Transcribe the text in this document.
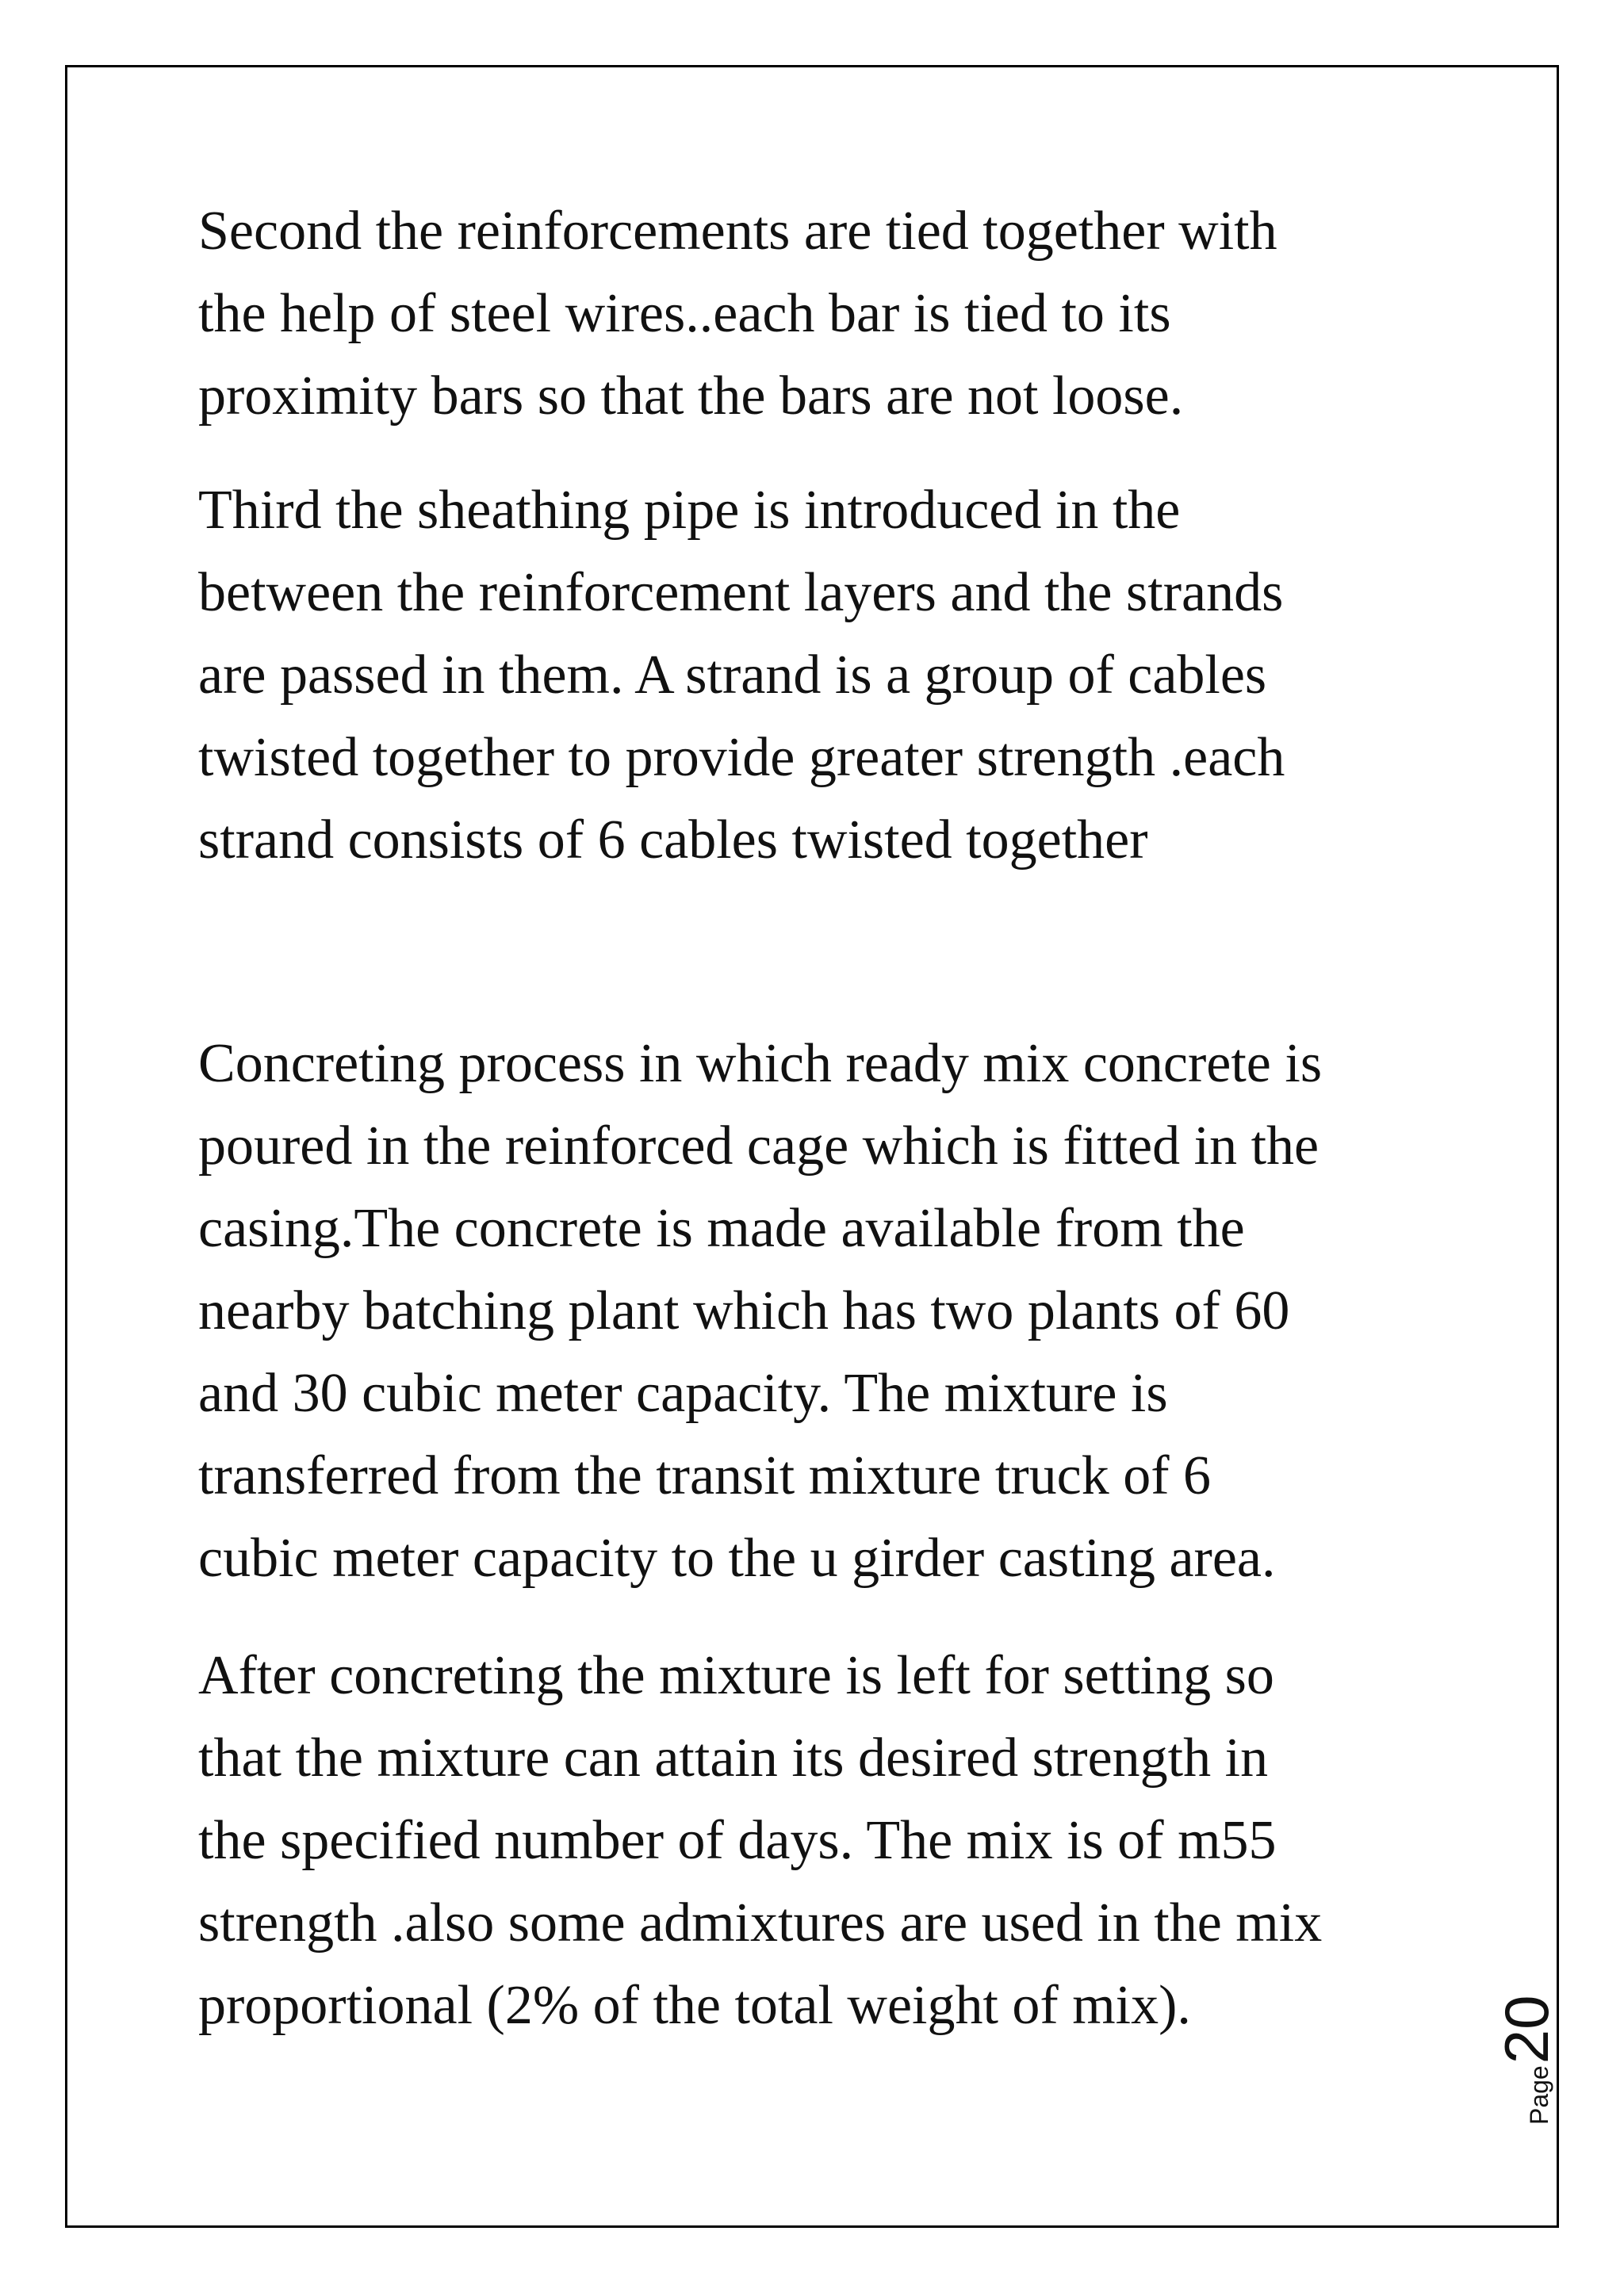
Second the reinforcements are tied together with
the help of steel wires..each bar is tied to its
proximity bars so that the bars are not loose.

Third the sheathing pipe is introduced in the
between the reinforcement layers and the strands
are passed in them. A strand is a group of cables
twisted together to provide greater strength .each
strand consists of 6 cables twisted together

Concreting process in which ready mix concrete is
poured in the reinforced cage which is fitted in the
casing.The concrete is made available from the
nearby batching plant which has two plants of 60
and 30 cubic meter capacity. The mixture is
transferred from the transit mixture truck of 6
cubic meter capacity to the u girder casting area.

After concreting the mixture is left for setting so
that the mixture can attain its desired strength in
the specified number of days. The mix is of m55
strength .also some admixtures are used in the mix
proportional (2% of the total weight of mix).

Page20
